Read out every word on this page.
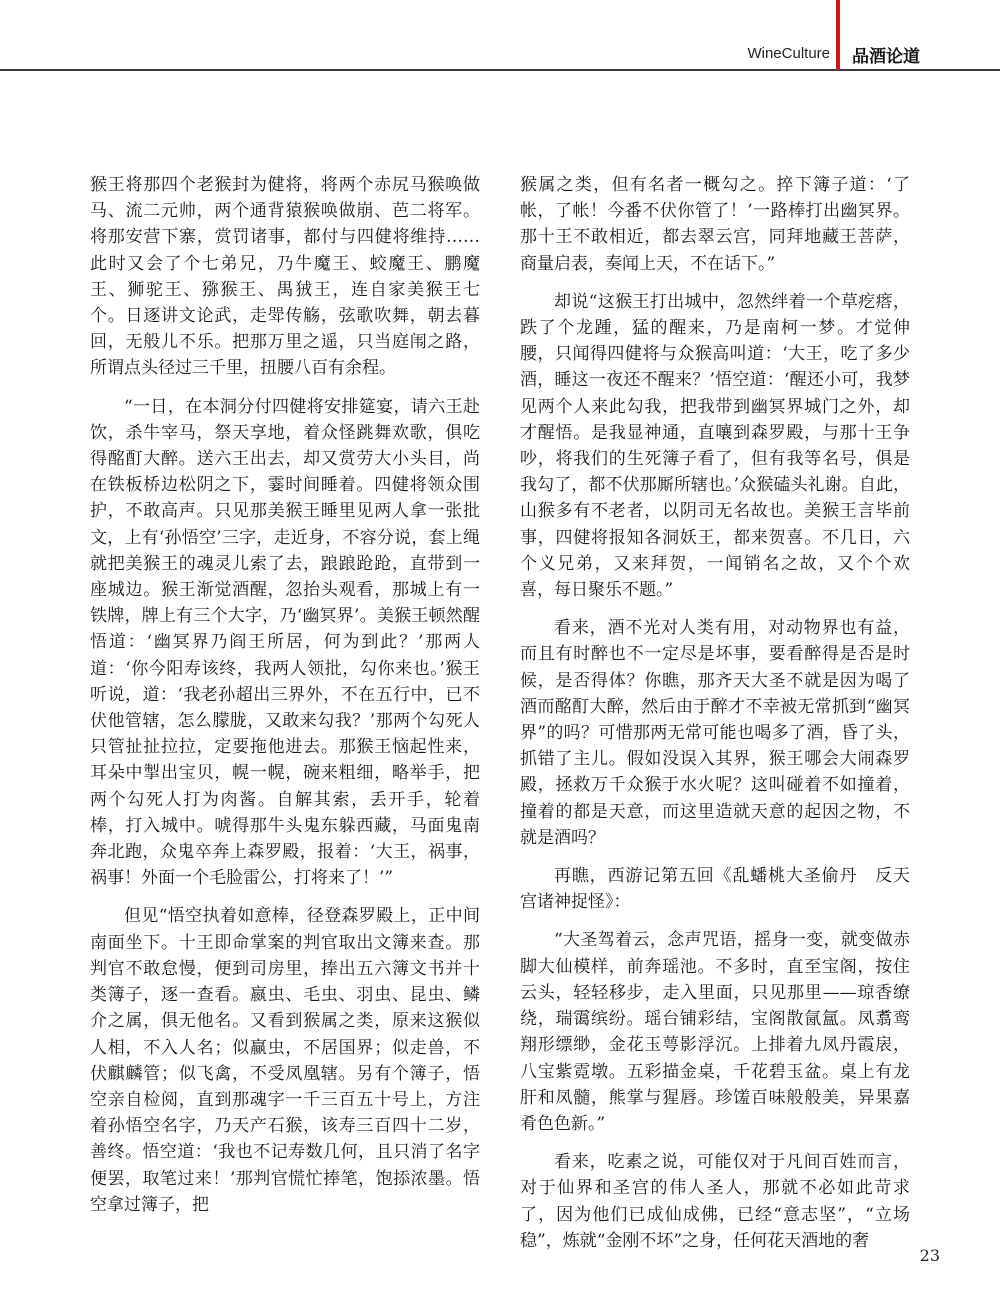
WineCulture 品酒论道

猴王将那四个老猴封为健将，将两个赤尻马猴唤做马、流二元帅，两个通背猿猴唤做崩、芭二将军。将那安营下寨，赏罚诸事，都付与四健将维持……此时又会了个七弟兄，乃牛魔王、蛟魔王、鹏魔王、狮驼王、猕猴王、禺狨王，连自家美猴王七个。日逐讲文论武，走斝传觞，弦歌吹舞，朝去暮回，无般儿不乐。把那万里之遥，只当庭闱之路，所谓点头径过三千里，扭腰八百有余程。

“一日，在本洞分付四健将安排筵宴，请六王赴饮，杀牛宰马，祭天享地，着众怪跳舞欢歌，俱吃得酩酊大醉。送六王出去，却又赏劳大小头目，尚在铁板桥边松阴之下，霎时间睡着。四健将领众围护，不敢高声。只见那美猴王睡里见两人拿一张批文，上有‘孙悟空’三字，走近身，不容分说，套上绳就把美猴王的魂灵儿索了去，踉踉跄跄，直带到一座城边。猴王渐觉酒醒，忽抬头观看，那城上有一铁牌，牌上有三个大字，乃‘幽冥界’。美猴王顿然醒悟道：‘幽冥界乃阎王所居，何为到此？’那两人道：‘你今阳寿该终，我两人领批，勾你来也。’猴王听说，道：‘我老孙超出三界外，不在五行中，已不伏他管辖，怎么朦胧，又敢来勾我？’那两个勾死人只管扯扯拉拉，定要拖他进去。那猴王恼起性来，耳朵中掣出宝贝，幌一幌，碗来粗细，略举手，把两个勾死人打为肉酱。自解其索，丢开手，轮着棒，打入城中。唬得那牛头鬼东躲西藏，马面鬼南奔北跑，众鬼卒奔上森罗殿，报着：‘大王，祸事，祸事！外面一个毛脸雷公，打将来了！’”

但见“悟空执着如意棒，径登森罗殿上，正中间南面坐下。十王即命掌案的判官取出文簿来查。那判官不敢怠慢，便到司房里，捧出五六簿文书并十类簿子，逐一查看。嬴虫、毛虫、羽虫、昆虫、鳞介之属，俱无他名。又看到猴属之类，原来这猴似人相，不入人名；似赢虫，不居国界；似走兽，不伏麒麟管；似飞禽，不受凤凰辖。另有个簿子，悟空亲自检阅，直到那魂字一千三百五十号上，方注着孙悟空名字，乃天产石猴，该寿三百四十二岁，善终。悟空道：‘我也不记寿数几何，且只消了名字便罢，取笔过来！’那判官慌忙捧笔，饱掭浓墨。悟空拿过簿子，把

猴属之类，但有名者一概勾之。捽下簿子道：‘了帐，了帐！今番不伏你管了！’一路棒打出幽冥界。那十王不敢相近，都去翠云宫，同拜地藏王菩萨，商量启表，奏闻上天，不在话下。”

却说“这猴王打出城中，忽然绊着一个草疙瘩，跌了个龙踵，猛的醒来，乃是南柯一梦。才觉伸腰，只闻得四健将与众猴高叫道：‘大王，吃了多少酒，睡这一夜还不醒来？’悟空道：‘醒还小可，我梦见两个人来此勾我，把我带到幽冥界城门之外，却才醒悟。是我显神通，直嚷到森罗殿，与那十王争吵，将我们的生死簿子看了，但有我等名号，俱是我勾了，都不伏那厮所辖也。’众猴磕头礼谢。自此，山猴多有不老者，以阴司无名故也。美猴王言毕前事，四健将报知各洞妖王，都来贺喜。不几日，六个义兄弟，又来拜贺，一闻销名之故，又个个欢喜，每日聚乐不题。”

看来，酒不光对人类有用，对动物界也有益，而且有时醉也不一定尽是坏事，要看醉得是否是时候，是否得体？你瞧，那齐天大圣不就是因为喝了酒而酩酊大醉，然后由于醉才不幸被无常抓到“幽冥界”的吗？可惜那两无常可能也喝多了酒，昏了头，抓错了主儿。假如没误入其界，猴王哪会大闹森罗殿，拯救万千众猴于水火呢？这叫碰着不如撞着，撞着的都是天意，而这里造就天意的起因之物，不就是酒吗？

再瞧，西游记第五回《乱蟠桃大圣偷丹　反天宫诸神捉怪》：

“大圣驾着云，念声咒语，摇身一变，就变做赤脚大仙模样，前奔瑶池。不多时，直至宝阁，按住云头，轻轻移步，走入里面，只见那里——琼香缭绕，瑞霭缤纷。瑶台铺彩结，宝阁散氤氲。凤翥鸾翔形缥缈，金花玉萼影浮沉。上排着九凤丹霞扆，八宝紫霓墩。五彩描金桌，千花碧玉盆。桌上有龙肝和凤髓，熊掌与猩唇。珍馐百味般般美，异果嘉肴色色新。”

看来，吃素之说，可能仅对于凡间百姓而言，对于仙界和圣宫的伟人圣人，那就不必如此苛求了，因为他们已成仙成佛，已经“意志坚”，“立场稳”，炼就“金刚不坏”之身，任何花天酒地的奢

23
